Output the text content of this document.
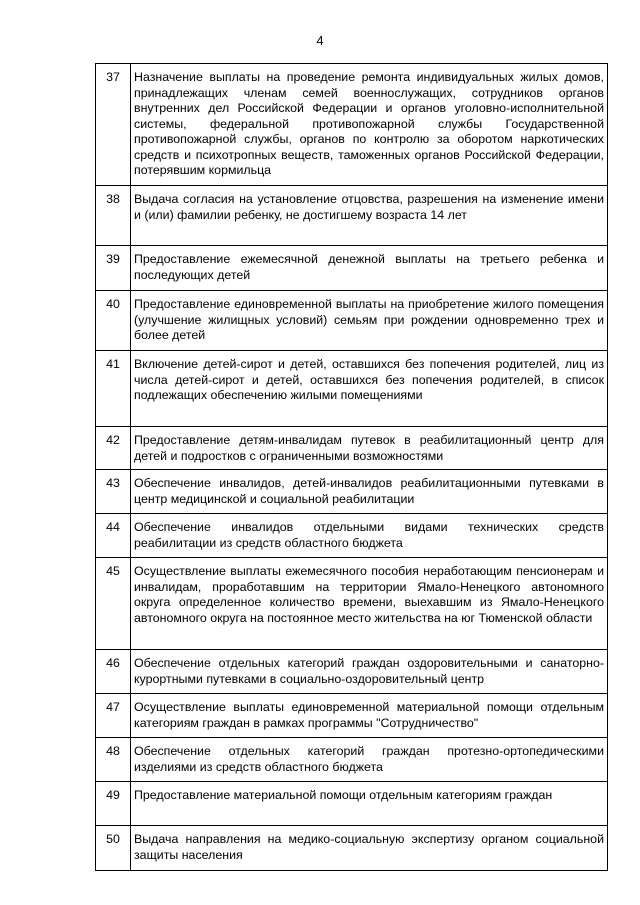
4
37	Назначение выплаты на проведение ремонта индивидуальных жилых домов, принадлежащих членам семей военнослужащих, сотрудников органов внутренних дел Российской Федерации и органов уголовно-исполнительной системы, федеральной противопожарной службы Государственной противопожарной службы, органов по контролю за оборотом наркотических средств и психотропных веществ, таможенных органов Российской Федерации, потерявшим кормильца
38	Выдача согласия на установление отцовства, разрешения на изменение имени и (или) фамилии ребенку, не достигшему возраста 14 лет
39	Предоставление ежемесячной денежной выплаты на третьего ребенка и последующих детей
40	Предоставление единовременной выплаты на приобретение жилого помещения (улучшение жилищных условий) семьям при рождении одновременно трех и более детей
41	Включение детей-сирот и детей, оставшихся без попечения родителей, лиц из числа детей-сирот и детей, оставшихся без попечения родителей, в список подлежащих обеспечению жилыми помещениями
42	Предоставление детям-инвалидам путевок в реабилитационный центр для детей и подростков с ограниченными возможностями
43	Обеспечение инвалидов, детей-инвалидов реабилитационными путевками в центр медицинской и социальной реабилитации
44	Обеспечение инвалидов отдельными видами технических средств реабилитации из средств областного бюджета
45	Осуществление выплаты ежемесячного пособия неработающим пенсионерам и инвалидам, проработавшим на территории Ямало-Ненецкого автономного округа определенное количество времени, выехавшим из Ямало-Ненецкого автономного округа на постоянное место жительства на юг Тюменской области
46	Обеспечение отдельных категорий граждан оздоровительными и санаторно-курортными путевками в социально-оздоровительный центр
47	Осуществление выплаты единовременной материальной помощи отдельным категориям граждан в рамках программы "Сотрудничество"
48	Обеспечение отдельных категорий граждан протезно-ортопедическими изделиями из средств областного бюджета
49	Предоставление материальной помощи отдельным категориям граждан
50	Выдача направления на медико-социальную экспертизу органом социальной защиты населения
